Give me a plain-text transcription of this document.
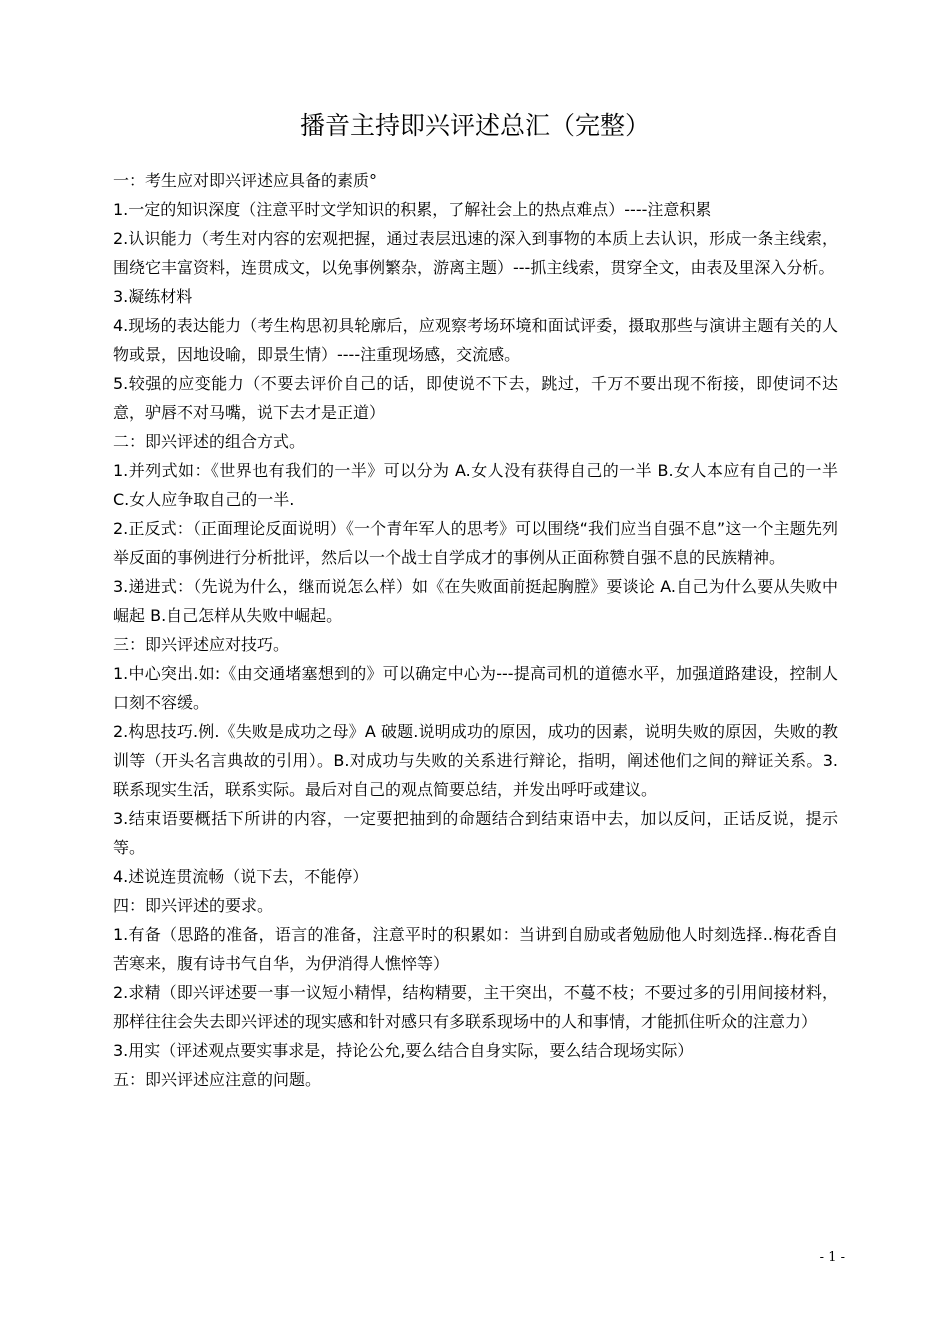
播音主持即兴评述总汇（完整）

一：考生应对即兴评述应具备的素质°

1.一定的知识深度（注意平时文学知识的积累，了解社会上的热点难点）----注意积累

2.认识能力（考生对内容的宏观把握，通过表层迅速的深入到事物的本质上去认识，形成一条主线索，围绕它丰富资料，连贯成文，以免事例繁杂，游离主题）---抓主线索，贯穿全文，由表及里深入分析。

3.凝练材料

4.现场的表达能力（考生构思初具轮廓后，应观察考场环境和面试评委，摄取那些与演讲主题有关的人物或景，因地设喻，即景生情）----注重现场感，交流感。

5.较强的应变能力（不要去评价自己的话，即使说不下去，跳过，千万不要出现不衔接，即使词不达意，驴唇不对马嘴，说下去才是正道）

二：即兴评述的组合方式。

1.并列式如：《世界也有我们的一半》可以分为 A.女人没有获得自己的一半 B.女人本应有自己的一半 C.女人应争取自己的一半.

2.正反式：（正面理论反面说明）《一个青年军人的思考》可以围绕“我们应当自强不息”这一个主题先列举反面的事例进行分析批评，然后以一个战士自学成才的事例从正面称赞自强不息的民族精神。

3.递进式：（先说为什么，继而说怎么样）如《在失败面前挺起胸膛》要谈论 A.自己为什么要从失败中崛起 B.自己怎样从失败中崛起。

三：即兴评述应对技巧。

1.中心突出.如:《由交通堵塞想到的》可以确定中心为---提高司机的道德水平，加强道路建设，控制人口刻不容缓。

2.构思技巧.例.《失败是成功之母》A 破题.说明成功的原因，成功的因素，说明失败的原因，失败的教训等（开头名言典故的引用）。B.对成功与失败的关系进行辩论，指明，阐述他们之间的辩证关系。3.联系现实生活，联系实际。最后对自己的观点简要总结，并发出呼吁或建议。

3.结束语要概括下所讲的内容，一定要把抽到的命题结合到结束语中去，加以反问，正话反说，提示等。

4.述说连贯流畅（说下去，不能停）

四：即兴评述的要求。

1.有备（思路的准备，语言的准备，注意平时的积累如：当讲到自励或者勉励他人时刻选择..梅花香自苦寒来，腹有诗书气自华，为伊消得人憔悴等）

2.求精（即兴评述要一事一议短小精悍，结构精要，主干突出，不蔓不枝；不要过多的引用间接材料，那样往往会失去即兴评述的现实感和针对感只有多联系现场中的人和事情，才能抓住听众的注意力）

3.用实（评述观点要实事求是，持论公允,要么结合自身实际，要么结合现场实际）

五：即兴评述应注意的问题。

- 1 -
